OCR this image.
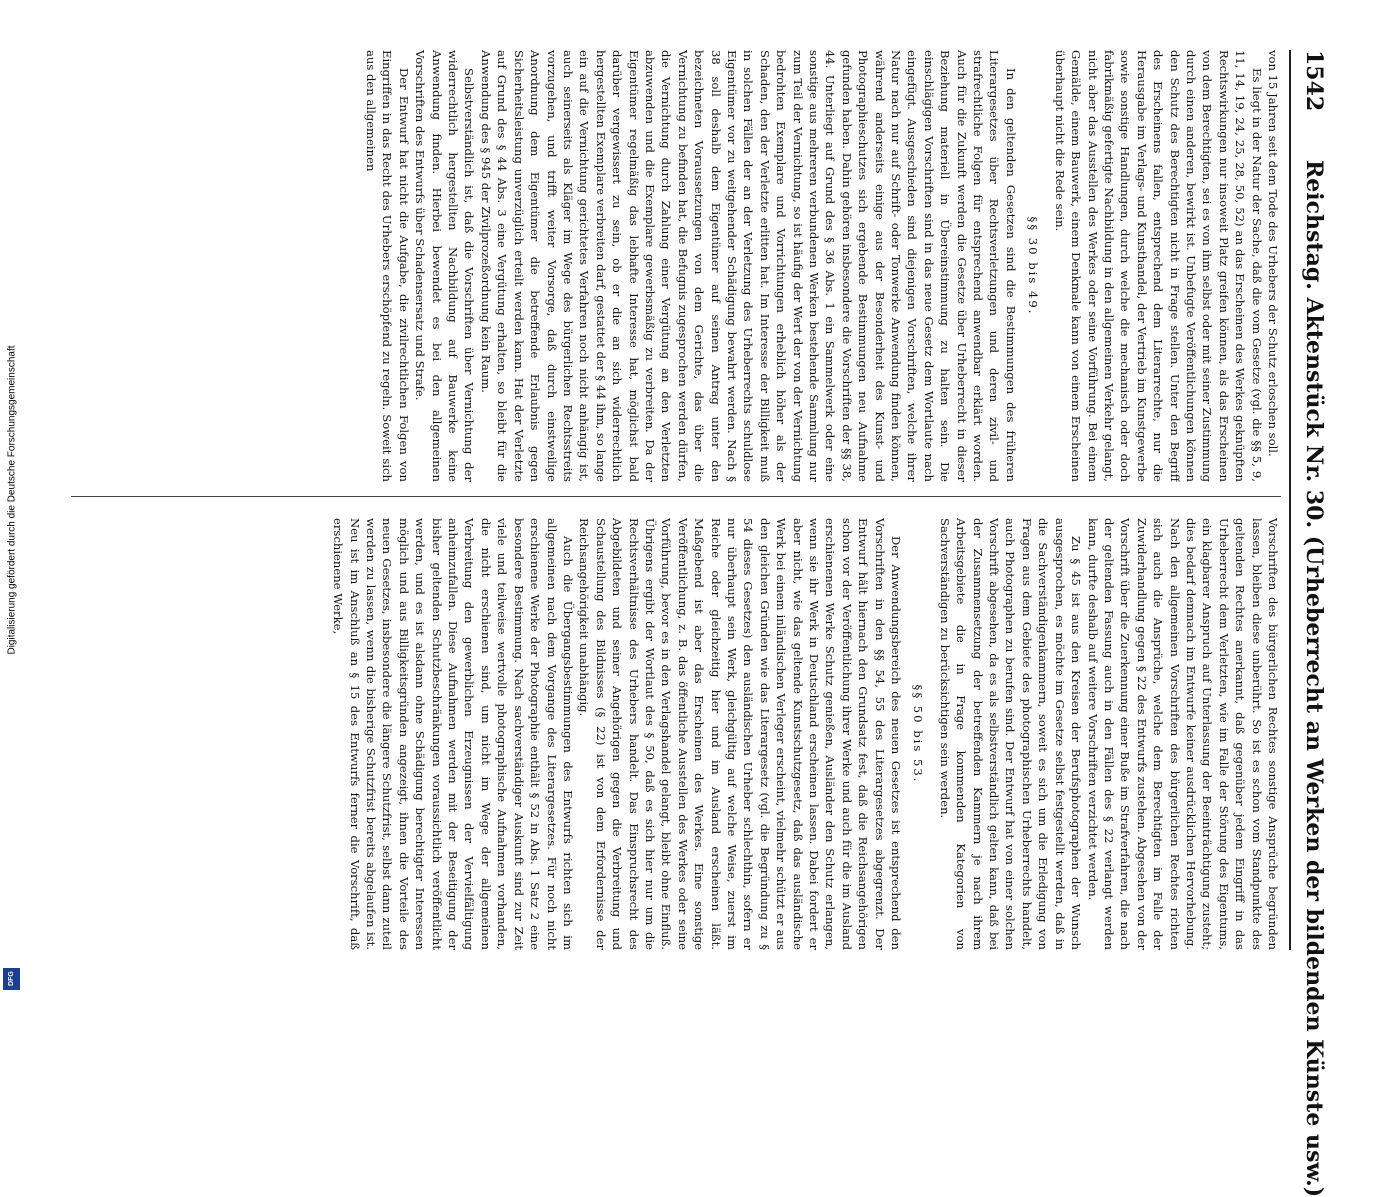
Digitalisierung gefördert durch die Deutsche Forschungsgemeinschaft
DFG
1542
Reichstag. Aktenstück Nr. 30. (Urheberrecht an Werken der bildenden Künste usw.)

von 15 Jahren seit dem Tode des Urhebers der Schutz erloschen soll.

Es liegt in der Natur der Sache, daß die vom Gesetze (vgl. die §§ 5, 9, 11, 14, 19, 24, 25, 28, 50, 52) an das Erscheinen des Werkes geknüpften Rechtswirkungen nur insoweit Platz greifen können, als das Erscheinen von dem Berechtigten, sei es von ihm selbst oder mit seiner Zustimmung durch einen anderen, bewirkt ist. Unbefugte Veröffentlichungen können den Schutz des Berechtigten nicht in Frage stellen. Unter den Begriff des Erscheinens fallen, entsprechend dem Literarrechte, nur die Herausgabe im Verlags- und Kunsthandel, der Vertrieb im Kunstgewerbe sowie sonstige Handlungen, durch welche die mechanisch oder doch fabrikmäßig gefertigte Nachbildung in den allgemeinen Verkehr gelangt, nicht aber das Ausstellen des Werkes oder seine Vorführung. Bei einem Gemälde, einem Bauwerk, einem Denkmale kann von einem Erscheinen überhaupt nicht die Rede sein.

§§ 30 bis 49.

In den geltenden Gesetzen sind die Bestimmungen des früheren Literargesetzes über Rechtsverletzungen und deren zivil- und strafrechtliche Folgen für entsprechend anwendbar erklärt worden. Auch für die Zukunft werden die Gesetze über Urheberrecht in dieser Beziehung materiell in Übereinstimmung zu halten sein. Die einschlägigen Vorschriften sind in das neue Gesetz dem Wortlaute nach eingefügt. Ausgeschieden sind diejenigen Vorschriften, welche ihrer Natur nach nur auf Schrift- oder Tonwerke Anwendung finden können, während anderseits einige aus der Besonderheit des Kunst- und Photographieschutzes sich ergebende Bestimmungen neu Aufnahme gefunden haben. Dahin gehören insbesondere die Vorschriften der §§ 38, 44. Unterliegt auf Grund des § 36 Abs. 1 ein Sammelwerk oder eine sonstige aus mehreren verbundenen Werken bestehende Sammlung nur zum Teil der Vernichtung, so ist häufig der Wert der von der Vernichtung bedrohten Exemplare und Vorrichtungen erheblich höher als der Schaden, den der Verletzte erlitten hat. Im Interesse der Billigkeit muß in solchen Fällen der an der Verletzung des Urheberrechts schuldlose Eigentümer vor zu weitgehender Schädigung bewahrt werden. Nach § 38 soll deshalb dem Eigentümer auf seinen Antrag unter den bezeichneten Voraussetzungen von dem Gerichte, das über die Vernichtung zu befinden hat, die Befugnis zugesprochen werden dürfen, die Vernichtung durch Zahlung einer Vergütung an den Verletzten abzuwenden und die Exemplare gewerbsmäßig zu verbreiten. Da der Eigentümer regelmäßig das lebhafte Interesse hat, möglichst bald darüber vergewissert zu sein, ob er die an sich widerrechtlich hergestellten Exemplare verbreiten darf, gestattet der § 44 ihm, so lange ein auf die Vernichtung gerichtetes Verfahren noch nicht anhängig ist, auch seinerseits als Kläger im Wege des bürgerlichen Rechtsstreits vorzugehen, und trifft weiter Vorsorge, daß durch einstweilige Anordnung dem Eigentümer die betreffende Erlaubnis gegen Sicherheitsleistung unverzüglich erteilt werden kann. Hat der Verletzte auf Grund des § 44 Abs. 3 eine Vergütung erhalten, so bleibt für die Anwendung des § 945 der Zivilprozeßordnung kein Raum.

Selbstverständlich ist, daß die Vorschriften über Vernichtung der widerrechtlich hergestellten Nachbildung auf Bauwerke keine Anwendung finden. Hierbei bewendet es bei den allgemeinen Vorschriften des Entwurfs über Schadensersatz und Strafe.

Der Entwurf hat nicht die Aufgabe, die zivilrechtlichen Folgen von Eingriffen in das Recht des Urhebers erschöpfend zu regeln. Soweit sich aus den allgemeinen

Vorschriften des bürgerlichen Rechtes sonstige Ansprüche begründen lassen, bleiben diese unberührt. So ist es schon vom Standpunkte des geltenden Rechtes anerkannt, daß gegenüber jedem Eingriff in das Urheberrecht dem Verletzten, wie im Falle der Störung des Eigentums, ein klagbarer Anspruch auf Unterlassung der Beeinträchtigung zusteht; dies bedarf demnach im Entwurfe keiner ausdrücklichen Hervorhebung. Nach den allgemeinen Vorschriften des bürgerlichen Rechtes richten sich auch die Ansprüche, welche dem Berechtigten im Falle der Zuwiderhandlung gegen § 22 des Entwurfs zustehen. Abgesehen von der Vorschrift über die Zuerkennung einer Buße im Strafverfahren, die nach der geltenden Fassung auch in den Fällen des § 22 verlangt werden kann, durfte deshalb auf weitere Vorschriften verzichtet werden.

Zu § 45 ist aus den Kreisen der Berufsphotographen der Wunsch ausgesprochen, es möchte im Gesetze selbst festgestellt werden, daß in die Sachverständigenkammern, soweit es sich um die Erledigung von Fragen aus dem Gebiete des photographischen Urheberrechts handelt, auch Photographen zu berufen sind. Der Entwurf hat von einer solchen Vorschrift abgesehen, da es als selbstverständlich gelten kann, daß bei der Zusammensetzung der betreffenden Kammern je nach ihrem Arbeitsgebiete die in Frage kommenden Kategorien von Sachverständigen zu berücksichtigen sein werden.

§§ 50 bis 53.

Der Anwendungsbereich des neuen Gesetzes ist entsprechend den Vorschriften in den §§ 54, 55 des Literargesetzes abgegrenzt. Der Entwurf hält hiernach den Grundsatz fest, daß die Reichsangehörigen schon vor der Veröffentlichung ihrer Werke und auch für die im Ausland erschienenen Werke Schutz genießen, Ausländer den Schutz erlangen, wenn sie ihr Werk in Deutschland erscheinen lassen. Dabei fordert er aber nicht, wie das geltende Kunstschutzgesetz, daß das ausländische Werk bei einem inländischen Verleger erscheint, vielmehr schützt er aus den gleichen Gründen wie das Literargesetz (vgl. die Begründung zu § 54 dieses Gesetzes) den ausländischen Urheber schlechthin, sofern er nur überhaupt sein Werk, gleichgültig auf welche Weise, zuerst im Reiche oder gleichzeitig hier und im Ausland erscheinen läßt. Maßgebend ist aber das Erscheinen des Werkes. Eine sonstige Veröffentlichung, z. B. das öffentliche Ausstellen des Werkes oder seine Vorführung, bevor es in den Verlagshandel gelangt, bleibt ohne Einfluß. Übrigens ergibt der Wortlaut des § 50, daß es sich hier nur um die Rechtsverhältnisse des Urhebers handelt. Das Einspruchsrecht des Abgebildeten und seiner Angehörigen gegen die Verbreitung und Schaustellung des Bildnisses (§ 22) ist von dem Erfordernisse der Reichsangehörigkeit unabhängig.

Auch die Übergangsbestimmungen des Entwurfs richten sich im allgemeinen nach dem Vorgange des Literargesetzes. Für noch nicht erschienene Werke der Photographie enthält § 52 in Abs. 1 Satz 2 eine besondere Bestimmung. Nach sachverständiger Auskunft sind zur Zeit viele und teilweise wertvolle photographische Aufnahmen vorhanden, die nicht erschienen sind, um nicht im Wege der allgemeinen Verbreitung den gewerblichen Erzeugnissen der Vervielfältigung anheimzufallen. Diese Aufnahmen werden mit der Beseitigung der bisher geltenden Schutzbeschränkungen voraussichtlich veröffentlicht werden, und es ist alsdann ohne Schädigung berechtigter Interessen möglich und aus Billigkeitsgründen angezeigt, ihnen die Vorteile des neuen Gesetzes, insbesondere die längere Schutzfrist, selbst dann zuteil werden zu lassen, wenn die bisherige Schutzfrist bereits abgelaufen ist. Neu ist im Anschluß an § 15 des Entwurfs ferner die Vorschrift, daß erschienene Werke,
